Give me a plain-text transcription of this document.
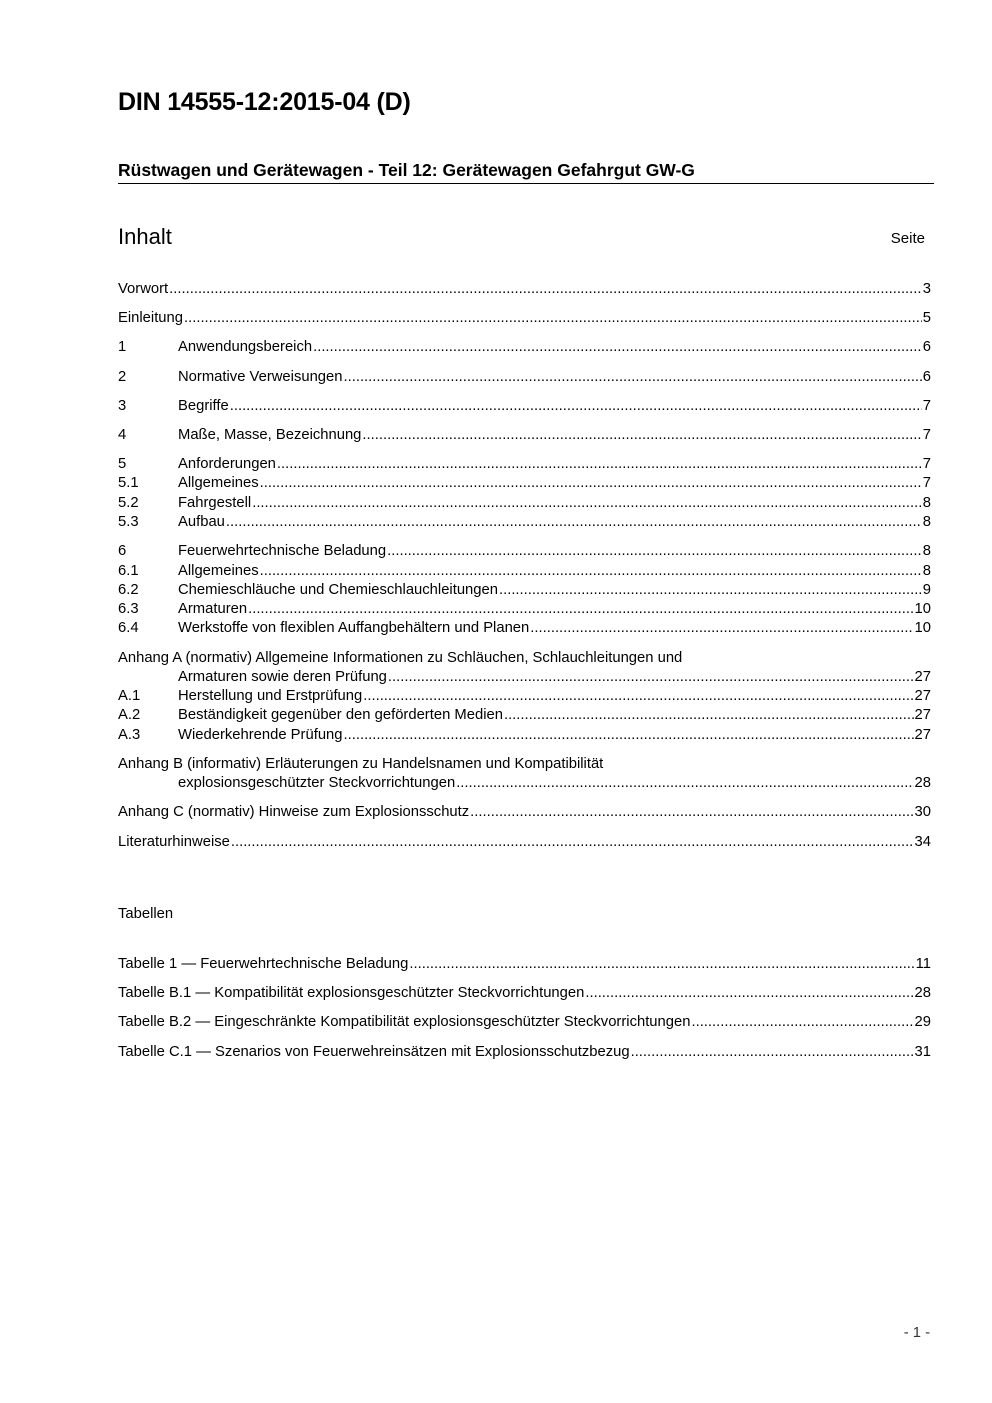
DIN 14555-12:2015-04 (D)
Rüstwagen und Gerätewagen - Teil 12: Gerätewagen Gefahrgut GW-G
Inhalt	Seite
Vorwort .....	3
Einleitung .....	5
1	Anwendungsbereich .....	6
2	Normative Verweisungen .....	6
3	Begriffe .....	7
4	Maße, Masse, Bezeichnung .....	7
5	Anforderungen .....	7
5.1	Allgemeines .....	7
5.2	Fahrgestell .....	8
5.3	Aufbau .....	8
6	Feuerwehrtechnische Beladung .....	8
6.1	Allgemeines .....	8
6.2	Chemieschläuche und Chemieschlauchleitungen .....	9
6.3	Armaturen .....	10
6.4	Werkstoffe von flexiblen Auffangbehältern und Planen .....	10
Anhang A (normativ) Allgemeine Informationen zu Schläuchen, Schlauchleitungen und
Armaturen sowie deren Prüfung .....	27
A.1	Herstellung und Erstprüfung .....	27
A.2	Beständigkeit gegenüber den geförderten Medien .....	27
A.3	Wiederkehrende Prüfung .....	27
Anhang B (informativ) Erläuterungen zu Handelsnamen und Kompatibilität
explosionsgeschützter Steckvorrichtungen .....	28
Anhang C (normativ) Hinweise zum Explosionsschutz .....	30
Literaturhinweise .....	34
Tabellen
Tabelle 1 — Feuerwehrtechnische Beladung .....	11
Tabelle B.1 — Kompatibilität explosionsgeschützter Steckvorrichtungen .....	28
Tabelle B.2 — Eingeschränkte Kompatibilität explosionsgeschützter Steckvorrichtungen .....	29
Tabelle C.1 — Szenarios von Feuerwehreinsätzen mit Explosionsschutzbezug .....	31
- 1 -
